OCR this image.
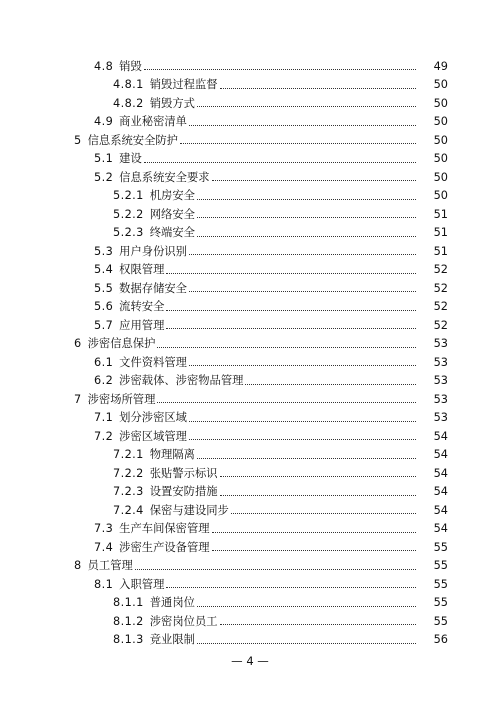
4.8 销毁	49
4.8.1 销毁过程监督	50
4.8.2 销毁方式	50
4.9 商业秘密清单	50
5 信息系统安全防护	50
5.1 建设	50
5.2 信息系统安全要求	50
5.2.1 机房安全	50
5.2.2 网络安全	51
5.2.3 终端安全	51
5.3 用户身份识别	51
5.4 权限管理	52
5.5 数据存储安全	52
5.6 流转安全	52
5.7 应用管理	52
6 涉密信息保护	53
6.1 文件资料管理	53
6.2 涉密载体、涉密物品管理	53
7 涉密场所管理	53
7.1 划分涉密区域	53
7.2 涉密区域管理	54
7.2.1 物理隔离	54
7.2.2 张贴警示标识	54
7.2.3 设置安防措施	54
7.2.4 保密与建设同步	54
7.3 生产车间保密管理	54
7.4 涉密生产设备管理	55
8 员工管理	55
8.1 入职管理	55
8.1.1 普通岗位	55
8.1.2 涉密岗位员工	55
8.1.3 竞业限制	56
— 4 —
